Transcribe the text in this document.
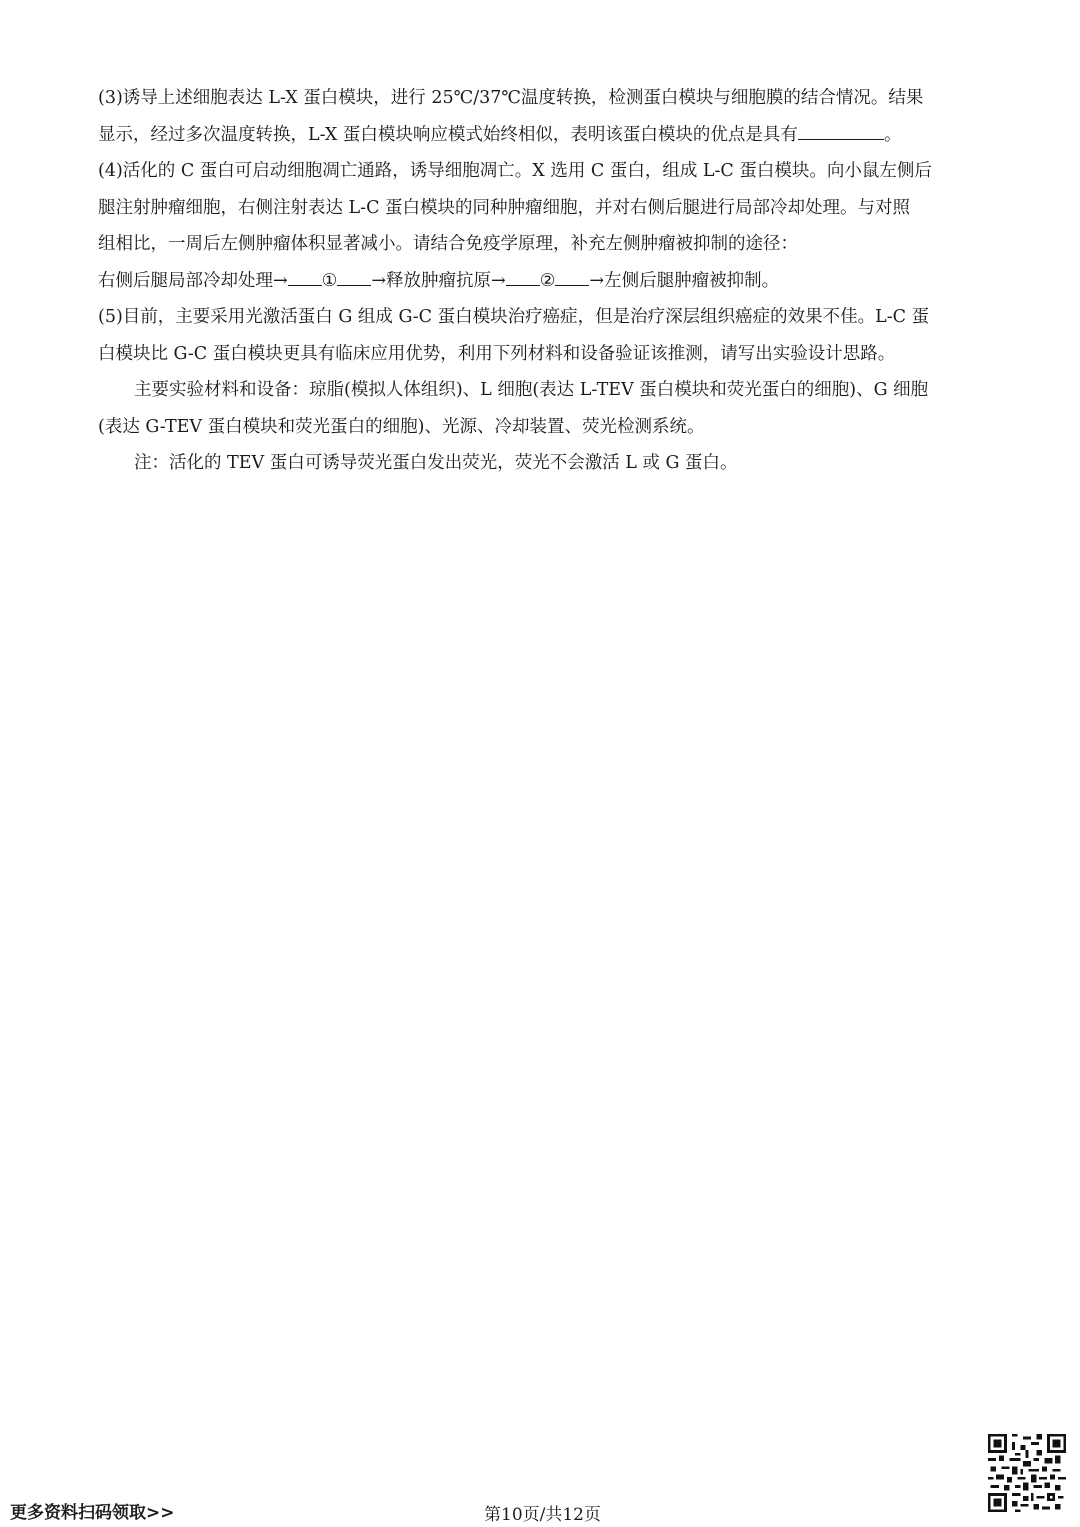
(3)诱导上述细胞表达 L-X 蛋白模块，进行 25℃/37℃温度转换，检测蛋白模块与细胞膜的结合情况。结果
显示，经过多次温度转换，L-X 蛋白模块响应模式始终相似，表明该蛋白模块的优点是具有	。
(4)活化的 C 蛋白可启动细胞凋亡通路，诱导细胞凋亡。X 选用 C 蛋白，组成 L-C 蛋白模块。向小鼠左侧后
腿注射肿瘤细胞，右侧注射表达 L-C 蛋白模块的同种肿瘤细胞，并对右侧后腿进行局部冷却处理。与对照
组相比，一周后左侧肿瘤体积显著减小。请结合免疫学原理，补充左侧肿瘤被抑制的途径：
右侧后腿局部冷却处理→ ① →释放肿瘤抗原→ ② →左侧后腿肿瘤被抑制。
(5)目前，主要采用光激活蛋白 G 组成 G-C 蛋白模块治疗癌症，但是治疗深层组织癌症的效果不佳。L-C 蛋
白模块比 G-C 蛋白模块更具有临床应用优势，利用下列材料和设备验证该推测，请写出实验设计思路。
主要实验材料和设备：琼脂(模拟人体组织)、L 细胞(表达 L-TEV 蛋白模块和荧光蛋白的细胞)、G 细胞
(表达 G-TEV 蛋白模块和荧光蛋白的细胞)、光源、冷却装置、荧光检测系统。
注：活化的 TEV 蛋白可诱导荧光蛋白发出荧光，荧光不会激活 L 或 G 蛋白。
更多资料扫码领取>>	第10页/共12页
